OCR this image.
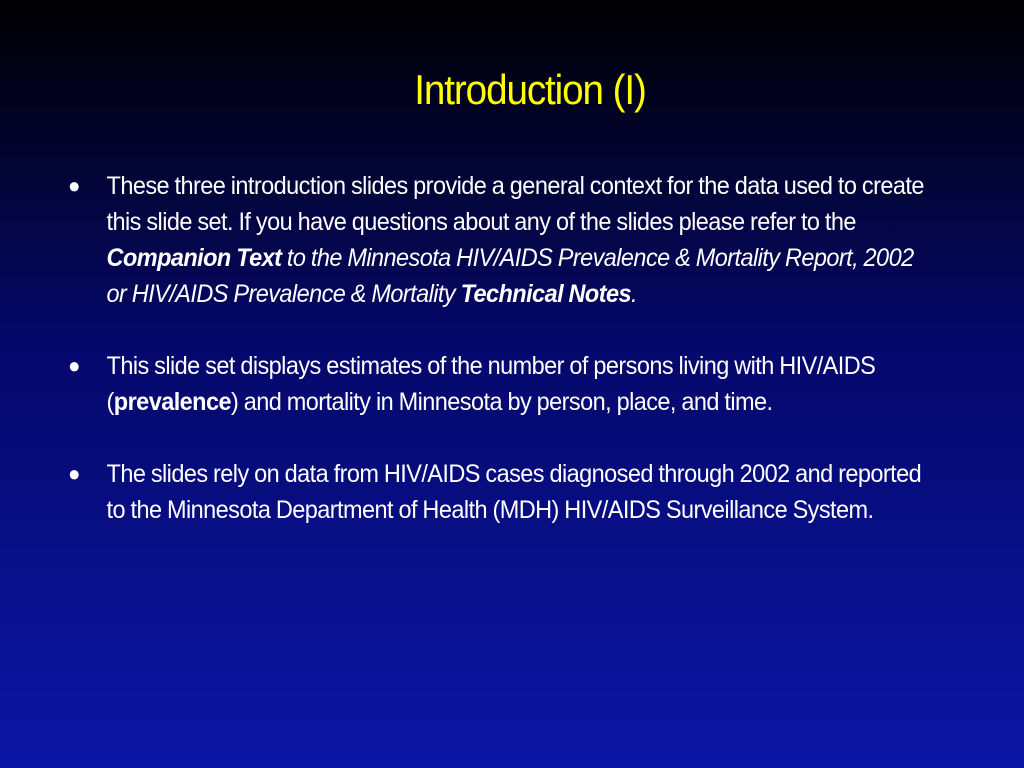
Introduction (I)
● These three introduction slides provide a general context for the data used to create this slide set. If you have questions about any of the slides please refer to the Companion Text to the Minnesota HIV/AIDS Prevalence & Mortality Report, 2002 or HIV/AIDS Prevalence & Mortality Technical Notes.
● This slide set displays estimates of the number of persons living with HIV/AIDS (prevalence) and mortality in Minnesota by person, place, and time.
● The slides rely on data from HIV/AIDS cases diagnosed through 2002 and reported to the Minnesota Department of Health (MDH) HIV/AIDS Surveillance System.
